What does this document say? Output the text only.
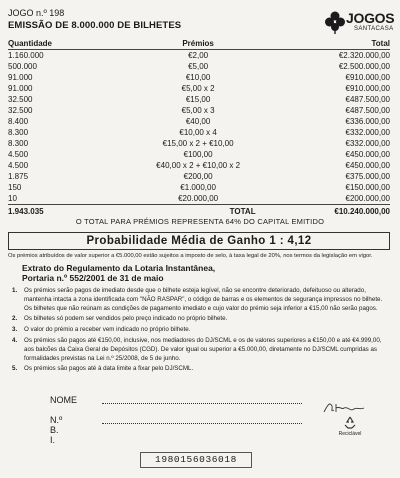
JOGO n.º 198
EMISSÃO DE 8.000.000 DE BILHETES	JOGOS
SANTACASA
Quantidade	Prémios	Total
1.160.000	€2,00	€2.320.000,00
500.000	€5,00	€2.500.000,00
91.000	€10,00	€910.000,00
91.000	€5,00 x 2	€910.000,00
32.500	€15,00	€487.500,00
32.500	€5,00 x 3	€487.500,00
8.400	€40,00	€336.000,00
8.300	€10,00 x 4	€332.000,00
8.300	€15,00 x 2 + €10,00	€332.000,00
4.500	€100,00	€450.000,00
4.500	€40,00 x 2 + €10,00 x 2	€450.000,00
1.875	€200,00	€375.000,00
150	€1.000,00	€150.000,00
10	€20.000,00	€200.000,00
1.943.035	TOTAL	€10.240.000,00
O TOTAL PARA PRÉMIOS REPRESENTA 64% DO CAPITAL EMITIDO
Probabilidade Média de Ganho 1 : 4,12
Os prémios atribuídos de valor superior a €5.000,00 estão sujeitos a imposto de selo, à taxa legal de 20%, nos termos da legislação em vigor.
Extrato do Regulamento da Lotaria Instantânea,
Portaria n.º 552/2001 de 31 de maio
1. Os prémios serão pagos de imediato desde que o bilhete esteja legível, não se encontre deteriorado, defeituoso ou alterado,
mantenha intacta a zona identificada com "NÃO RASPAR", o código de barras e os elementos de segurança impressos no bilhete.
Os bilhetes que não reúnam as condições de pagamento imediato e cujo valor do prémio seja inferior a €15,00 não serão pagos.
2. Os bilhetes só podem ser vendidos pelo preço indicado no próprio bilhete.
3. O valor do prémio a receber vem indicado no próprio bilhete.
4. Os prémios são pagos até €150,00, inclusive, nos mediadores do DJ/SCML e os de valores superiores a €150,00 e até €4.999,00,
aos balcões da Caixa Geral de Depósitos (CGD). De valor igual ou superior a €5.000,00, diretamente no DJ/SCML cumpridas as
formalidades previstas na Lei n.º 25/2008, de 5 de junho.
5. Os prémios são pagos até à data limite a fixar pelo DJ/SCML.
NOME
N.º B. I.
Reciclável
1980156036018
